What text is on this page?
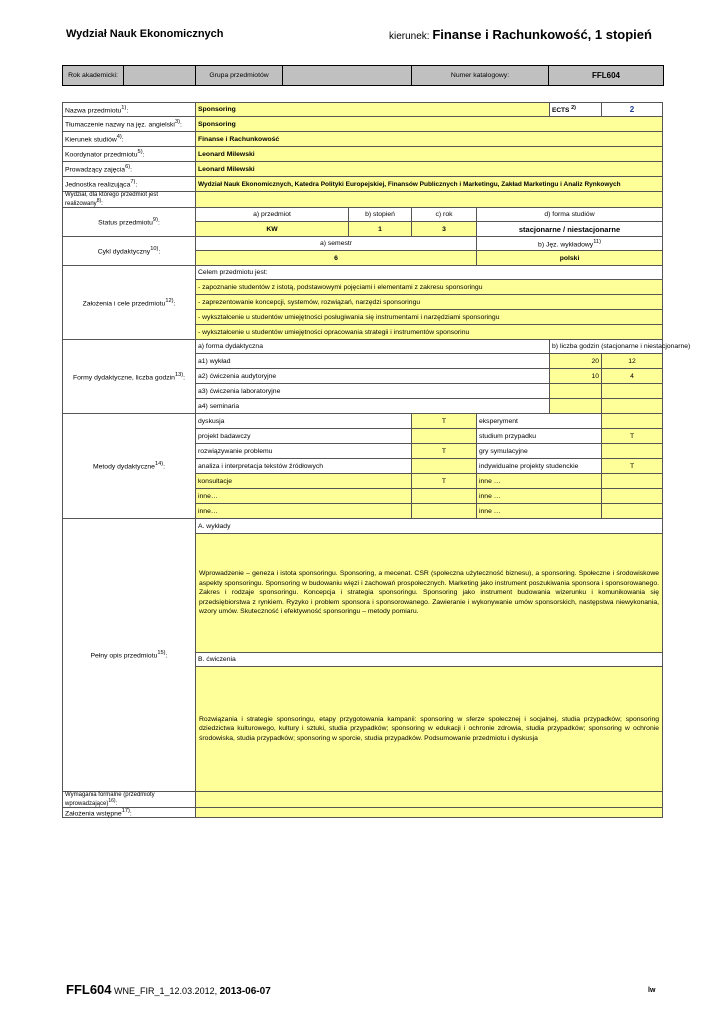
Wydział Nauk Ekonomicznych	kierunek: Finanse i Rachunkowość, 1 stopień
Rok akademicki:		Grupa przedmiotów		Numer katalogowy:	FFL604
Nazwa przedmiotu$^{1)}$:	Sponsoring				ECTS $^{2)}$	2
Tłumaczenie nazwy na jęz. angielski$^{3)}$:	Sponsoring					
Kierunek studiów$^{4)}$:	Finanse i Rachunkowość					
Koordynator przedmiotu$^{5)}$:	Leonard Milewski					
Prowadzący zajęcia$^{6)}$:	Leonard Milewski					
Jednostka realizująca$^{7)}$:	Wydział Nauk Ekonomicznych, Katedra Polityki Europejskiej, Finansów Publicznych i Marketingu, Zakład Marketingu i Analiz Rynkowych					
Wydział, dla którego przedmiot jest realizowany$^{8)}$:						
Status przedmiotu$^{9)}$:	a) przedmiot	b) stopień	c) rok	d) forma studiów		
	KW	1	3	stacjonarne / niestacjonarne		
Cykl dydaktyczny$^{10)}$:	a) semestr			b) Jęz. wykładowy$^{11)}$
	6			polski		
Założenia i cele przedmiotu$^{12)}$:	Celem przedmiotu jest:					
	- zapoznanie studentów z istotą, podstawowymi pojęciami i elementami z zakresu sponsoringu					
	- zaprezentowanie koncepcji, systemów, rozwiązań, narzędzi sponsoringu					
	- wykształcenie u studentów umiejętności posługiwania się instrumentami i narzędziami sponsoringu					
	- wykształcenie u studentów umiejętności opracowania strategii i instrumentów sponsorinu					
Formy dydaktyczne, liczba godzin$^{13)}$:	a) forma dydaktyczna				b) liczba godzin (stacjonarne i niestacjonarne)	
	a1) wykład				20	12
	a2) ćwiczenia audytoryjne				10	4
	a3) ćwiczenia laboratoryjne					
	a4) seminaria					
Metody dydaktyczne$^{14)}$:	dyskusja		T	eksperyment		
	projekt badawczy			studium przypadku		T
	rozwiązywanie problemu		T	gry symulacyjne		
	analiza i interpretacja tekstów źródłowych			indywidualne projekty studenckie		T
	konsultacje		T	inne …		
	inne…			inne …		
	inne…			inne …		
Pełny opis przedmiotu$^{15)}$:	A. wykłady					
	Wprowadzenie – geneza i istota sponsoringu. Sponsoring, a mecenat. CSR (społeczna użyteczność biznesu), a sponsoring. Społeczne i środowiskowe aspekty sponsoringu. Sponsoring w budowaniu więzi i zachowań prospołecznych. Marketing jako instrument poszukiwania sponsora i sponsorowanego. Zakres i rodzaje sponsoringu. Koncepcja i strategia sponsoringu. Sponsoring jako instrument budowania wizerunku i komunikowania się przedsiębiorstwa z rynkiem. Ryzyko i problem sponsora i sponsorowanego. Zawieranie i wykonywanie umów sponsorskich, następstwa niewykonania, wzory umów. Skuteczność i efektywność sponsoringu – metody pomiaru.					
	B. ćwiczenia					
	Rozwiązania i strategie sponsoringu, etapy przygotowania kampanii: sponsoring w sferze społecznej i socjalnej, studia przypadków; sponsoring dziedzictwa kulturowego, kultury i sztuki, studia przypadków; sponsoring w edukacji i ochronie zdrowia, studia przypadków; sponsoring w ochronie środowiska, studia przypadków; sponsoring w sporcie, studia przypadków. Podsumowanie przedmiotu i dyskusja					
Wymagania formalne (przedmioty wprowadzające)$^{16)}$:						
Założenia wstępne$^{17)}$:						
FFL604 WNE_FIR_1_12.03.2012, 2013-06-07	lw
